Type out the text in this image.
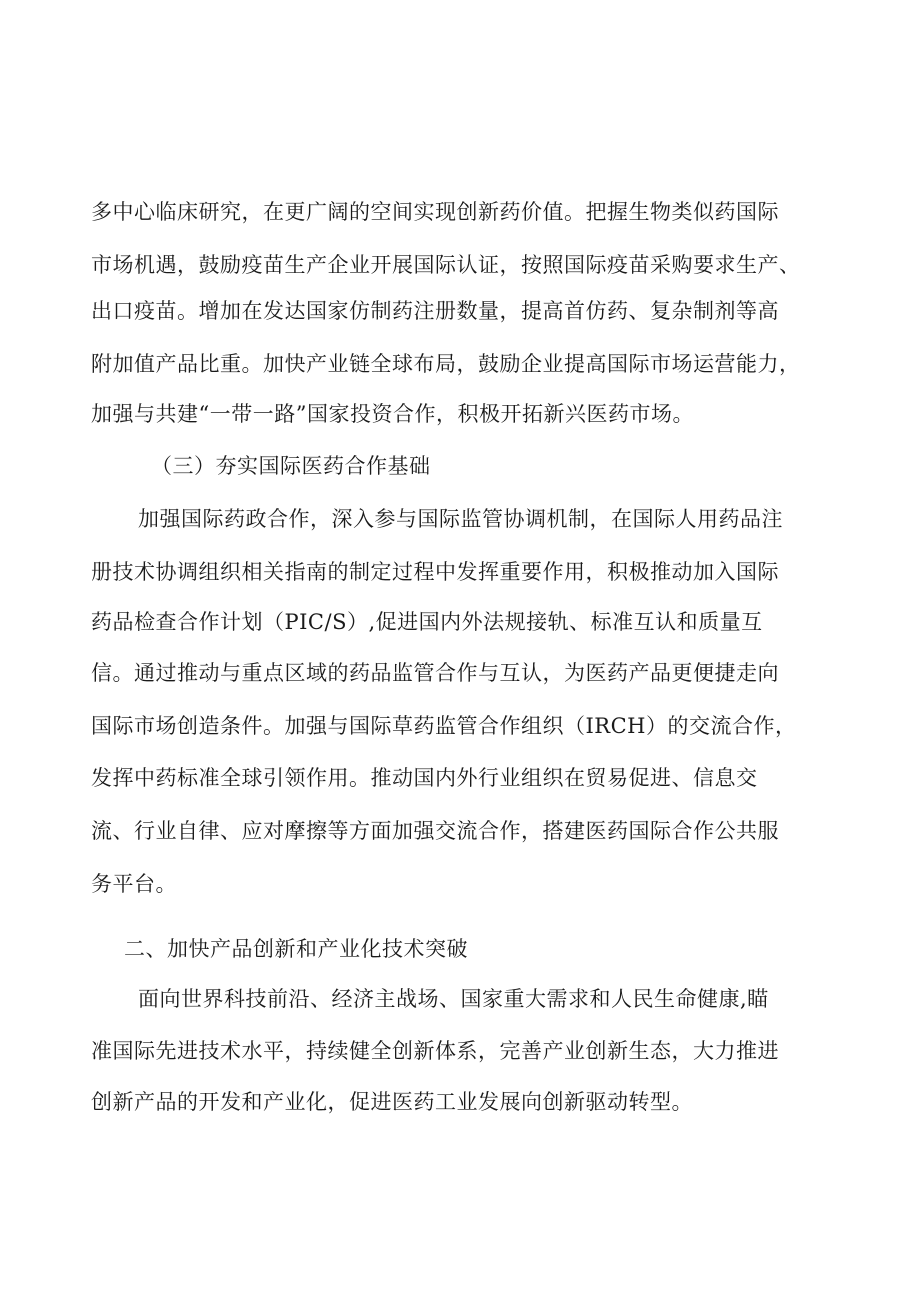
多中心临床研究，在更广阔的空间实现创新药价值。把握生物类似药国际
市场机遇，鼓励疫苗生产企业开展国际认证，按照国际疫苗采购要求生产、
出口疫苗。增加在发达国家仿制药注册数量，提高首仿药、复杂制剂等高
附加值产品比重。加快产业链全球布局，鼓励企业提高国际市场运营能力，
加强与共建“一带一路”国家投资合作，积极开拓新兴医药市场。
（三）夯实国际医药合作基础
加强国际药政合作，深入参与国际监管协调机制，在国际人用药品注
册技术协调组织相关指南的制定过程中发挥重要作用，积极推动加入国际
药品检查合作计划（PIC/S）,促进国内外法规接轨、标准互认和质量互
信。通过推动与重点区域的药品监管合作与互认，为医药产品更便捷走向
国际市场创造条件。加强与国际草药监管合作组织（IRCH）的交流合作，
发挥中药标准全球引领作用。推动国内外行业组织在贸易促进、信息交
流、行业自律、应对摩擦等方面加强交流合作，搭建医药国际合作公共服
务平台。
二、加快产品创新和产业化技术突破
面向世界科技前沿、经济主战场、国家重大需求和人民生命健康,瞄
准国际先进技术水平，持续健全创新体系，完善产业创新生态，大力推进
创新产品的开发和产业化，促进医药工业发展向创新驱动转型。
